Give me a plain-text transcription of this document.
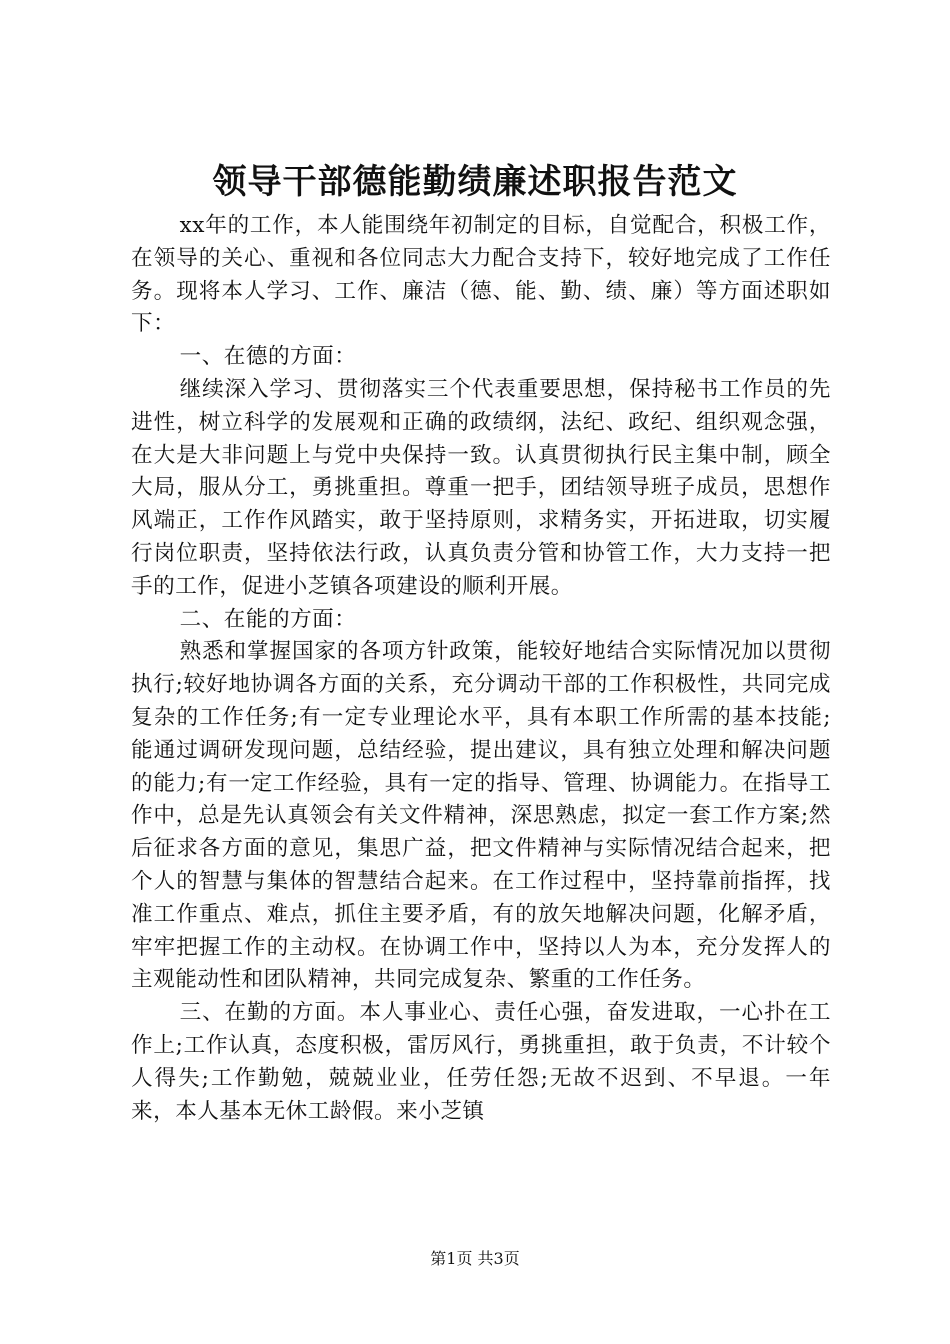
领导干部德能勤绩廉述职报告范文

xx年的工作，本人能围绕年初制定的目标，自觉配合，积极工作，在领导的关心、重视和各位同志大力配合支持下，较好地完成了工作任务。现将本人学习、工作、廉洁（德、能、勤、绩、廉）等方面述职如下：

一、在德的方面：

继续深入学习、贯彻落实三个代表重要思想，保持秘书工作员的先进性，树立科学的发展观和正确的政绩纲，法纪、政纪、组织观念强，在大是大非问题上与党中央保持一致。认真贯彻执行民主集中制，顾全大局，服从分工，勇挑重担。尊重一把手，团结领导班子成员，思想作风端正，工作作风踏实，敢于坚持原则，求精务实，开拓进取，切实履行岗位职责，坚持依法行政，认真负责分管和协管工作，大力支持一把手的工作，促进小芝镇各项建设的顺利开展。

二、在能的方面：

熟悉和掌握国家的各项方针政策，能较好地结合实际情况加以贯彻执行;较好地协调各方面的关系，充分调动干部的工作积极性，共同完成复杂的工作任务;有一定专业理论水平，具有本职工作所需的基本技能;能通过调研发现问题，总结经验，提出建议，具有独立处理和解决问题的能力;有一定工作经验，具有一定的指导、管理、协调能力。在指导工作中，总是先认真领会有关文件精神，深思熟虑，拟定一套工作方案;然后征求各方面的意见，集思广益，把文件精神与实际情况结合起来，把个人的智慧与集体的智慧结合起来。在工作过程中，坚持靠前指挥，找准工作重点、难点，抓住主要矛盾，有的放矢地解决问题，化解矛盾，牢牢把握工作的主动权。在协调工作中，坚持以人为本，充分发挥人的主观能动性和团队精神，共同完成复杂、繁重的工作任务。

三、在勤的方面。本人事业心、责任心强，奋发进取，一心扑在工作上;工作认真，态度积极，雷厉风行，勇挑重担，敢于负责，不计较个人得失;工作勤勉，兢兢业业，任劳任怨;无故不迟到、不早退。一年来，本人基本无休工龄假。来小芝镇

第1页 共3页
